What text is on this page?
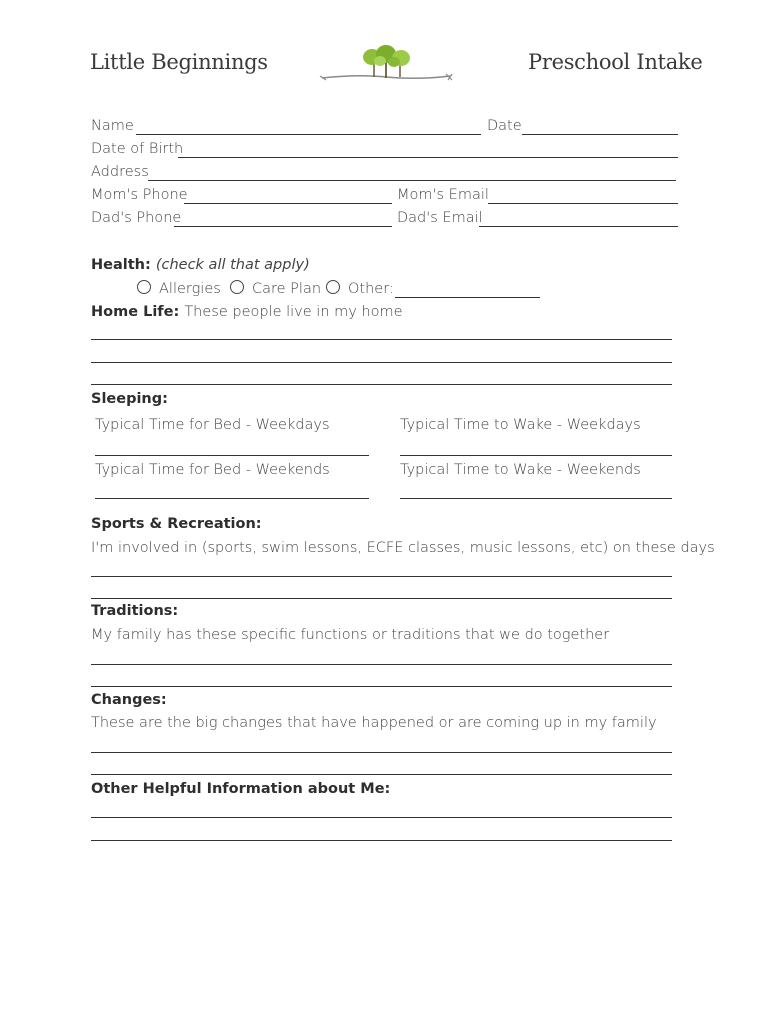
Little Beginnings	Preschool Intake
Name	Date
Date of Birth
Address
Mom's Phone	Mom's Email
Dad's Phone	Dad's Email
Health: (check all that apply)
Allergies Care Plan Other:
Home Life: These people live in my home
Sleeping:
Typical Time for Bed - Weekdays	Typical Time to Wake - Weekdays
Typical Time for Bed - Weekends	Typical Time to Wake - Weekends
Sports & Recreation:
I'm involved in (sports, swim lessons, ECFE classes, music lessons, etc) on these days
Traditions:
My family has these specific functions or traditions that we do together
Changes:
These are the big changes that have happened or are coming up in my family
Other Helpful Information about Me:
